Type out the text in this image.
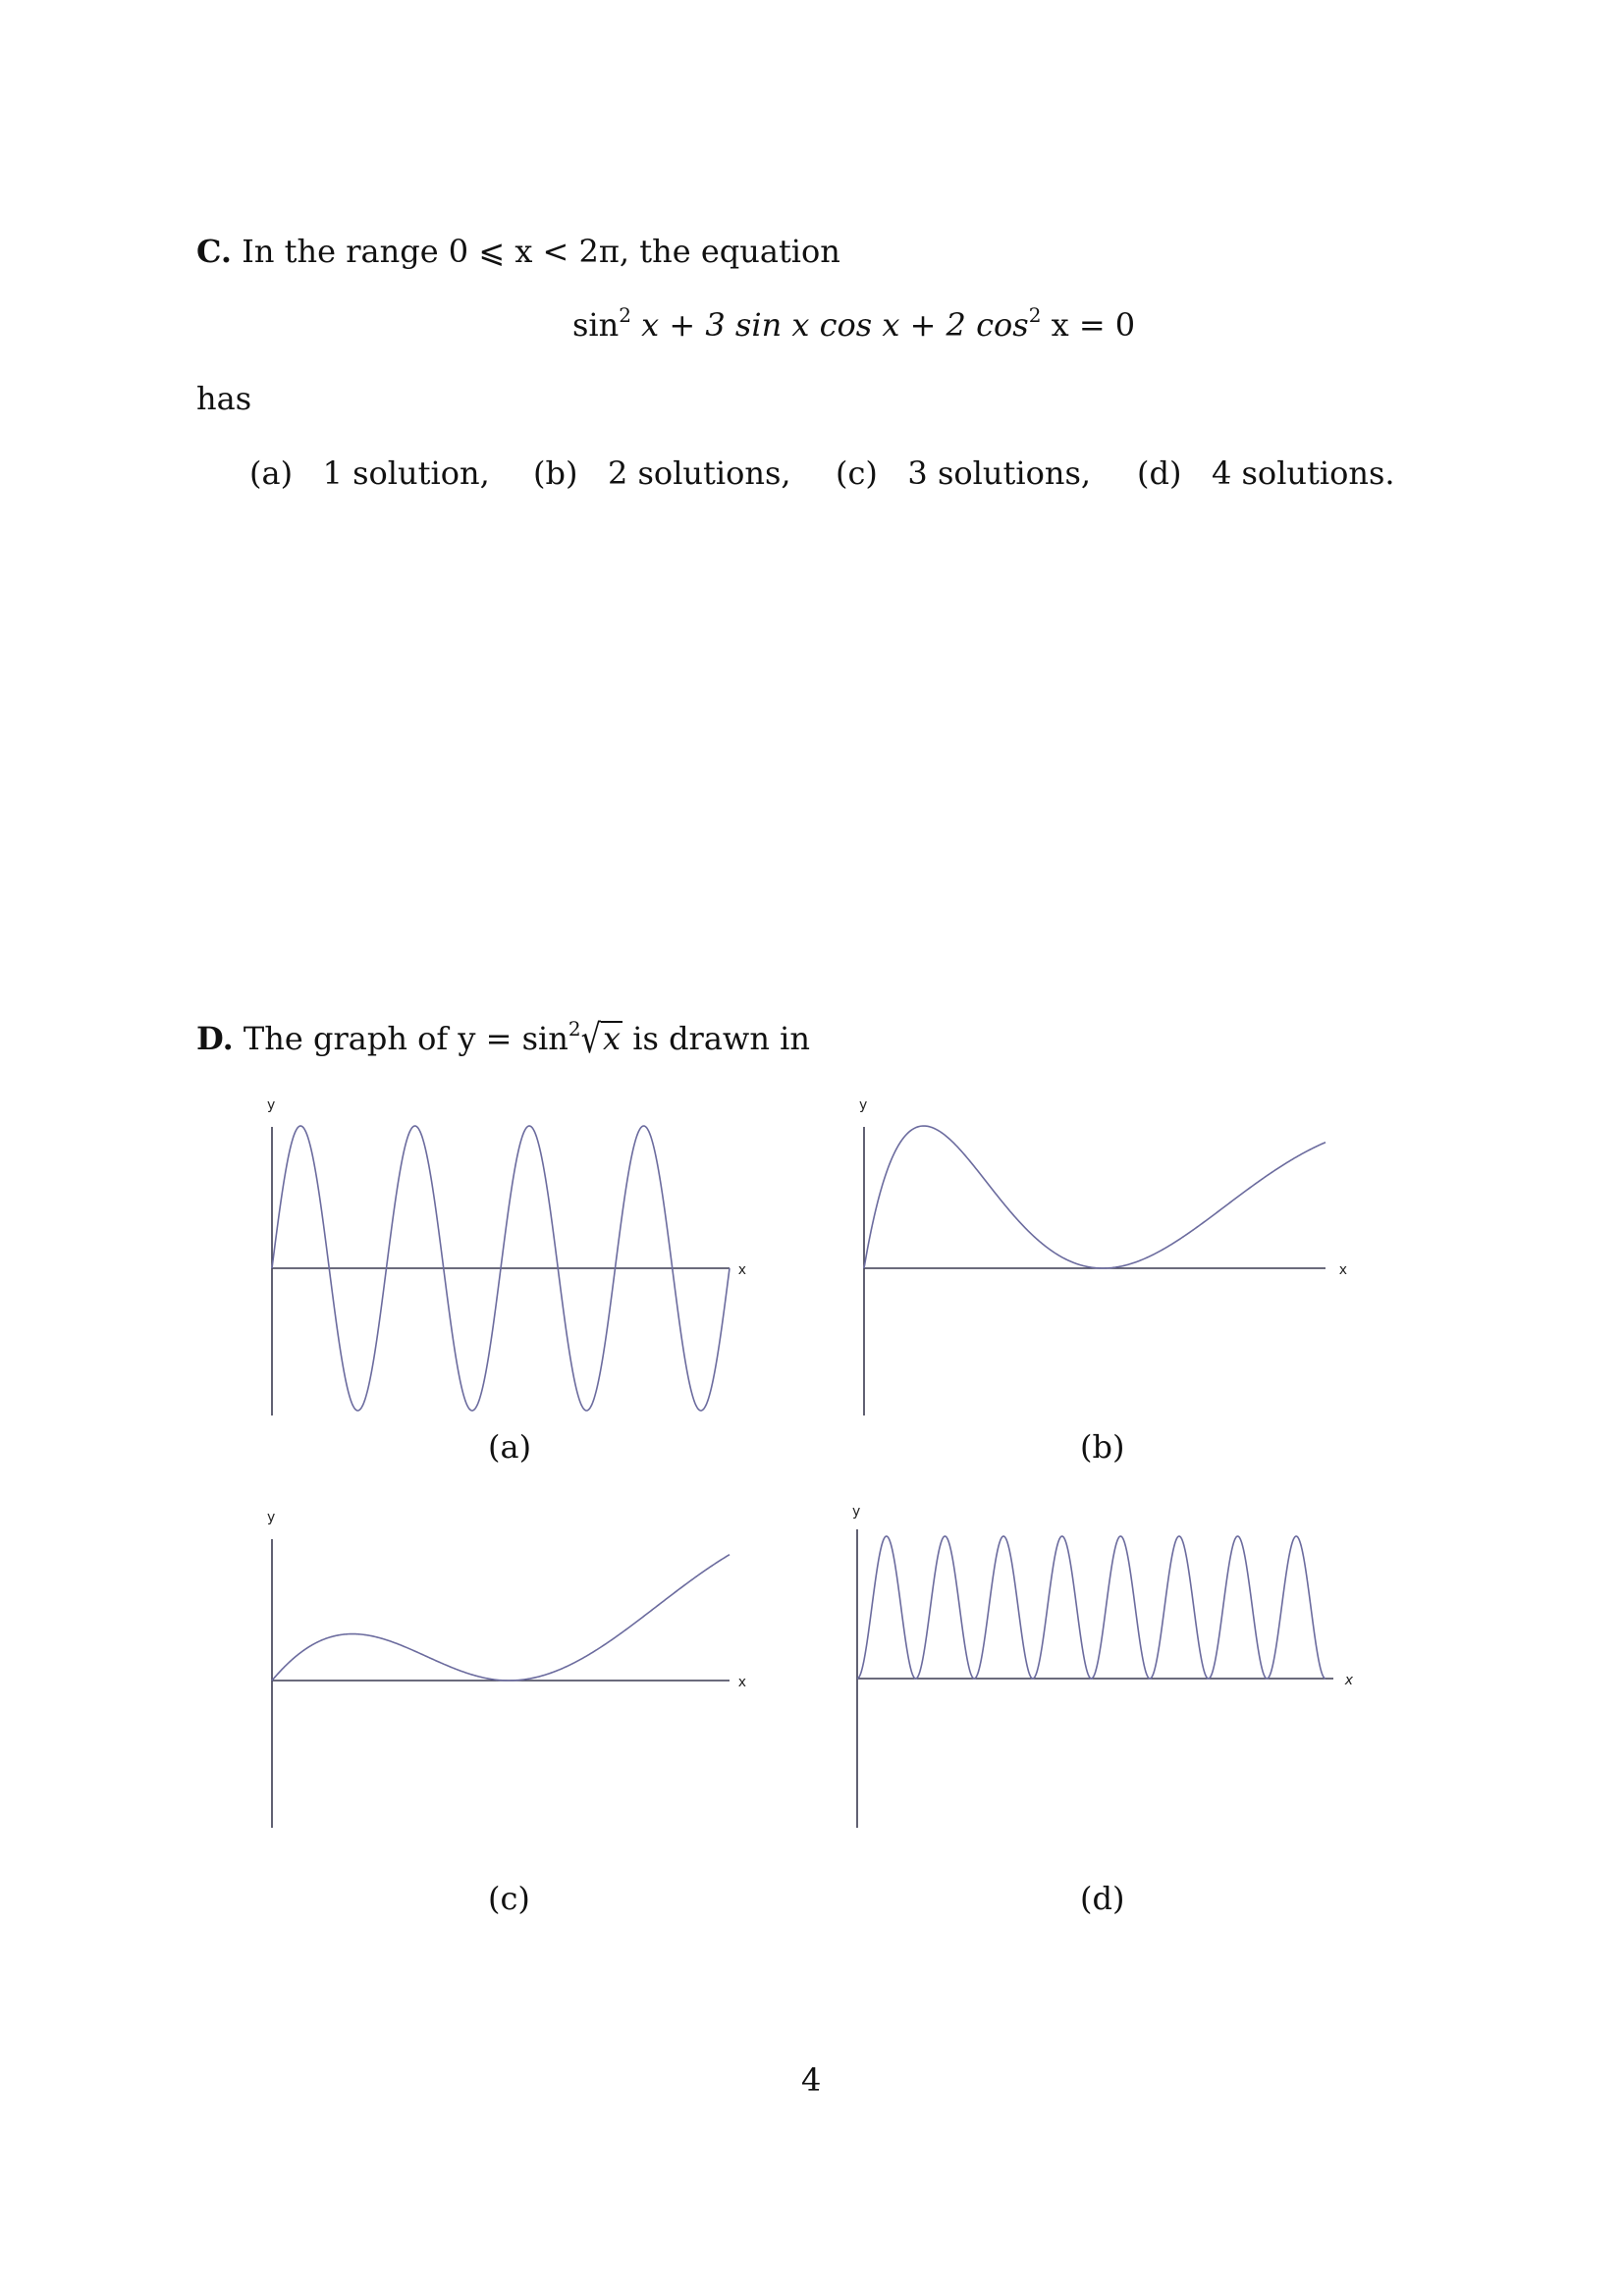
C. In the range 0 ⩽ x < 2π, the equation
$\sin^2 x + 3$ sin x cos x + 2 $\cos^2 x = 0$
has
(a) 1 solution, (b) 2 solutions, (c) 3 solutions, (d) 4 solutions.
D. The graph of $y = \sin^2√x$ is drawn in
y
x
(a)
y
x
(b)
y
x
(c)
y
x
(d)
4
